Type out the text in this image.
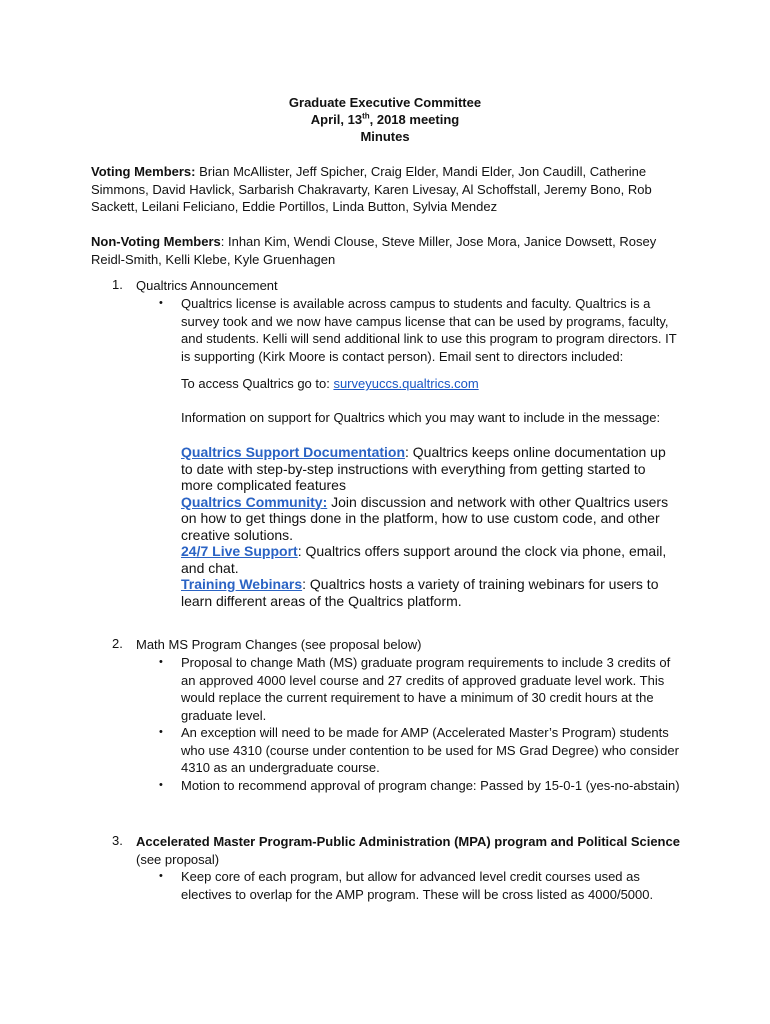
Graduate Executive Committee
April, 13th, 2018 meeting
Minutes
Voting Members: Brian McAllister, Jeff Spicher, Craig Elder, Mandi Elder, Jon Caudill, Catherine Simmons, David Havlick, Sarbarish Chakravarty, Karen Livesay, Al Schoffstall, Jeremy Bono, Rob Sackett, Leilani Feliciano, Eddie Portillos, Linda Button, Sylvia Mendez
Non-Voting Members: Inhan Kim, Wendi Clouse, Steve Miller, Jose Mora, Janice Dowsett, Rosey Reidl-Smith, Kelli Klebe, Kyle Gruenhagen
1. Qualtrics Announcement
• Qualtrics license is available across campus to students and faculty. Qualtrics is a survey took and we now have campus license that can be used by programs, faculty, and students. Kelli will send additional link to use this program to program directors. IT is supporting (Kirk Moore is contact person). Email sent to directors included:
To access Qualtrics go to: surveyuccs.qualtrics.com
Information on support for Qualtrics which you may want to include in the message:
Qualtrics Support Documentation: Qualtrics keeps online documentation up to date with step-by-step instructions with everything from getting started to more complicated features
Qualtrics Community: Join discussion and network with other Qualtrics users on how to get things done in the platform, how to use custom code, and other creative solutions.
24/7 Live Support: Qualtrics offers support around the clock via phone, email, and chat.
Training Webinars: Qualtrics hosts a variety of training webinars for users to learn different areas of the Qualtrics platform.
2. Math MS Program Changes (see proposal below)
• Proposal to change Math (MS) graduate program requirements to include 3 credits of an approved 4000 level course and 27 credits of approved graduate level work. This would replace the current requirement to have a minimum of 30 credit hours at the graduate level.
• An exception will need to be made for AMP (Accelerated Master’s Program) students who use 4310 (course under contention to be used for MS Grad Degree) who consider 4310 as an undergraduate course.
• Motion to recommend approval of program change: Passed by 15-0-1 (yes-no-abstain)
3. Accelerated Master Program-Public Administration (MPA) program and Political Science (see proposal)
• Keep core of each program, but allow for advanced level credit courses used as electives to overlap for the AMP program. These will be cross listed as 4000/5000.
